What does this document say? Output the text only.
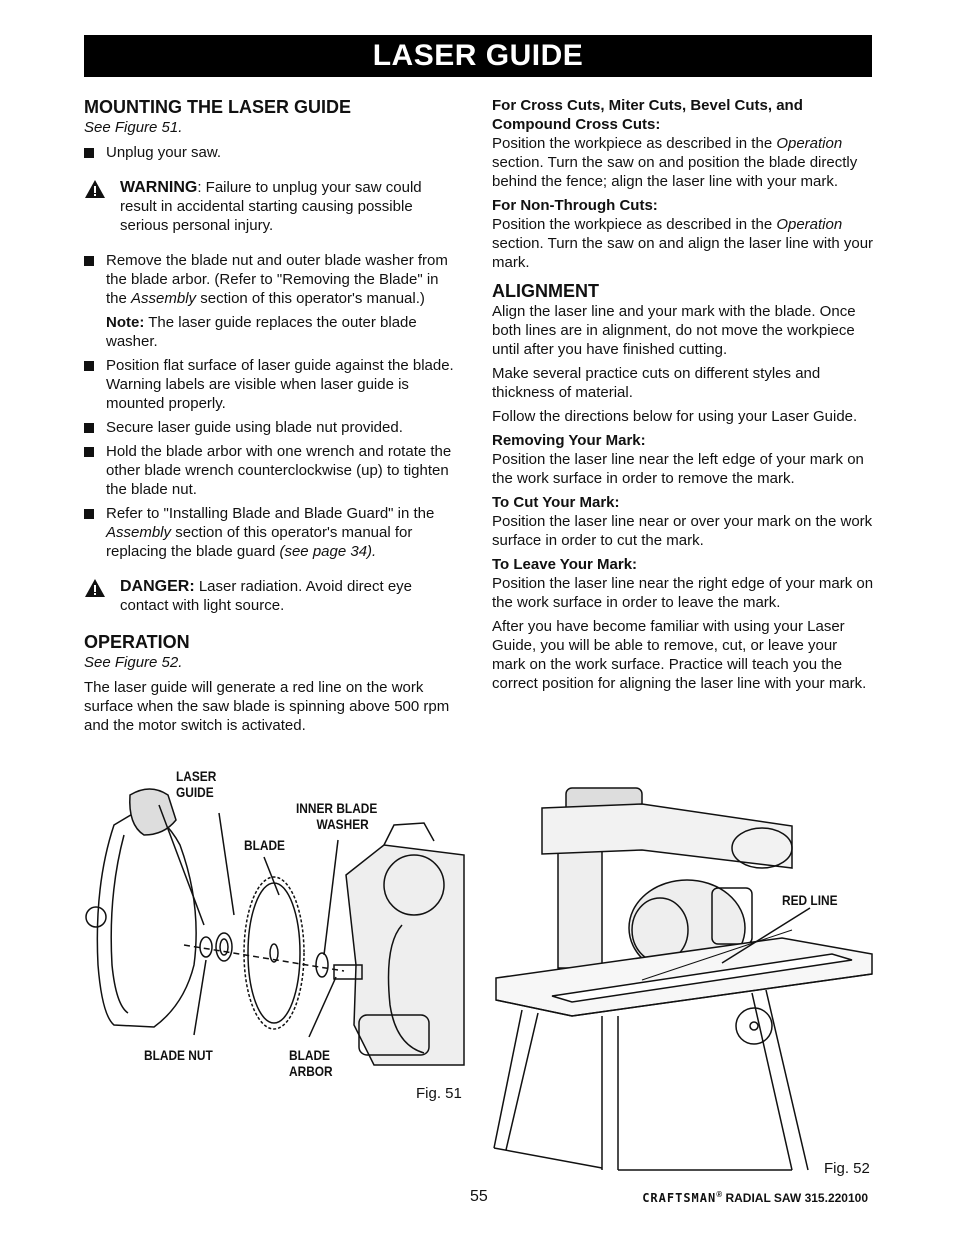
LASER GUIDE
MOUNTING THE LASER GUIDE
See Figure 51.
Unplug your saw.
WARNING: Failure to unplug your saw could result in accidental starting causing possible serious personal injury.
Remove the blade nut and outer blade washer from the blade arbor. (Refer to "Removing the Blade" in the Assembly section of this operator's manual.)

Note: The laser guide replaces the outer blade washer.

Position flat surface of laser guide against the blade. Warning labels are visible when laser guide is mounted properly.
Secure laser guide using blade nut provided.
Hold the blade arbor with one wrench and rotate the other blade wrench counterclockwise (up) to tighten the blade nut.
Refer to "Installing Blade and Blade Guard" in the Assembly section of this operator's manual for replacing the blade guard (see page 34).
DANGER: Laser radiation. Avoid direct eye contact with light source.
OPERATION
See Figure 52.

The laser guide will generate a red line on the work surface when the saw blade is spinning above 500 rpm and the motor switch is activated.

For Cross Cuts, Miter Cuts, Bevel Cuts, and Compound Cross Cuts:

Position the workpiece as described in the Operation section. Turn the saw on and position the blade directly behind the fence; align the laser line with your mark.

For Non-Through Cuts:

Position the workpiece as described in the Operation section. Turn the saw on and align the laser line with your mark.

ALIGNMENT

Align the laser line and your mark with the blade. Once both lines are in alignment, do not move the workpiece until after you have finished cutting.

Make several practice cuts on different styles and thickness of material.

Follow the directions below for using your Laser Guide.

Removing Your Mark:

Position the laser line near the left edge of your mark on the work surface in order to remove the mark.

To Cut Your Mark:

Position the laser line near or over your mark on the work surface in order to cut the mark.

To Leave Your Mark:

Position the laser line near the right edge of your mark on the work surface in order to leave the mark.

After you have become familiar with using your Laser Guide, you will be able to remove, cut, or leave your mark on the work surface. Practice will teach you the correct position for aligning the laser line with your mark.

LASER
GUIDE
INNER BLADE
WASHER
BLADE
BLADE NUT	BLADE
ARBOR
Fig. 51
RED LINE
Fig. 52
55	CRAFTSMAN® RADIAL SAW 315.220100
